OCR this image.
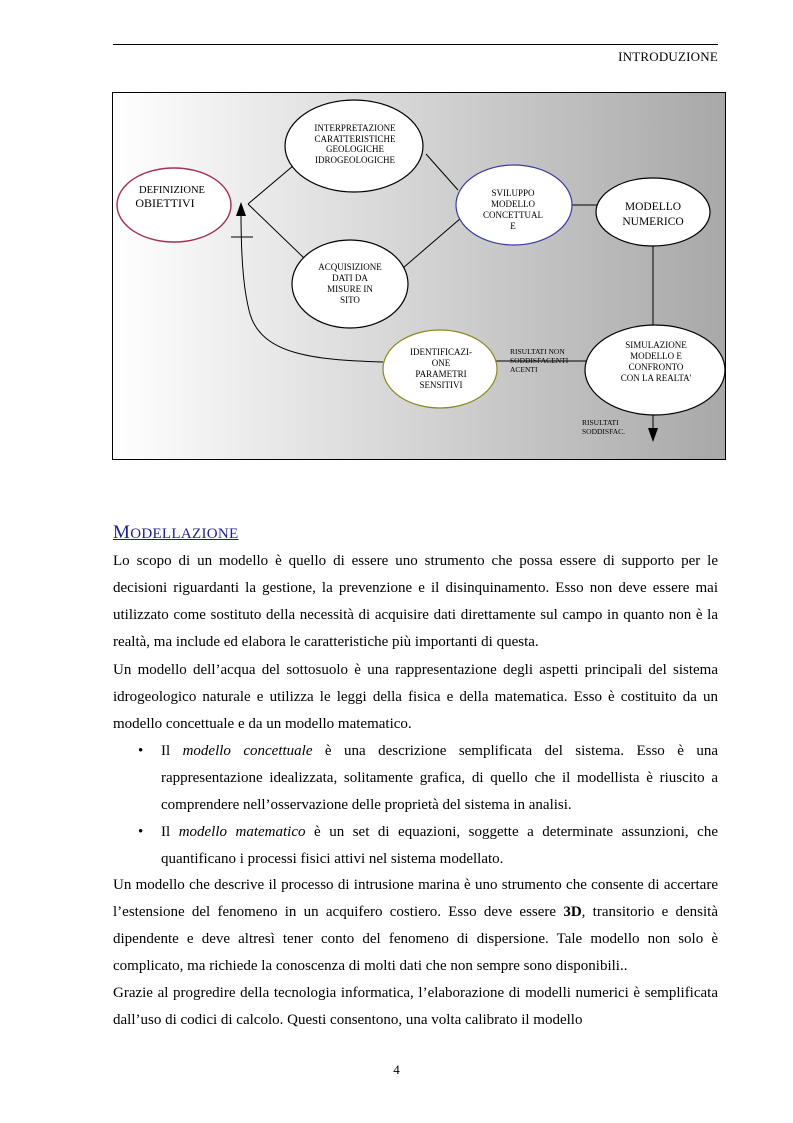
INTRODUZIONE
DEFINIZIONE
OBIETTIVI
INTERPRETAZIONE
CARATTERISTICHE
GEOLOGICHE
IDROGEOLOGICHE
ACQUISIZIONE
DATI DA
MISURE IN
SITO
SVILUPPO
MODELLO
CONCETTUAL
E
MODELLO
NUMERICO
SIMULAZIONE
MODELLO E
CONFRONTO
CON LA REALTA'
IDENTIFICAZI-
ONE
PARAMETRI
SENSITIVI
RISULTATI NON
SODDISFACENTI
ACENTI
RISULTATI
SODDISFAC.
MODELLAZIONE

Lo scopo di un modello è quello di essere uno strumento che possa essere di supporto per le decisioni riguardanti la gestione, la prevenzione e il disinquinamento. Esso non deve essere mai utilizzato come sostituto della necessità di acquisire dati direttamente sul campo in quanto non è la realtà, ma include ed elabora le caratteristiche più importanti di questa.

Un modello dell’acqua del sottosuolo è una rappresentazione degli aspetti principali del sistema idrogeologico naturale e utilizza le leggi della fisica e della matematica. Esso è costituito da un modello concettuale e da un modello matematico.

• Il modello concettuale è una descrizione semplificata del sistema. Esso è una rappresentazione idealizzata, solitamente grafica, di quello che il modellista è riuscito a comprendere nell’osservazione delle proprietà del sistema in analisi.
• Il modello matematico è un set di equazioni, soggette a determinate assunzioni, che quantificano i processi fisici attivi nel sistema modellato.

Un modello che descrive il processo di intrusione marina è uno strumento che consente di accertare l’estensione del fenomeno in un acquifero costiero. Esso deve essere 3D, transitorio e densità dipendente e deve altresì tener conto del fenomeno di dispersione. Tale modello non solo è complicato, ma richiede la conoscenza di molti dati che non sempre sono disponibili..

Grazie al progredire della tecnologia informatica, l’elaborazione di modelli numerici è semplificata dall’uso di codici di calcolo. Questi consentono, una volta calibrato il modello

4
